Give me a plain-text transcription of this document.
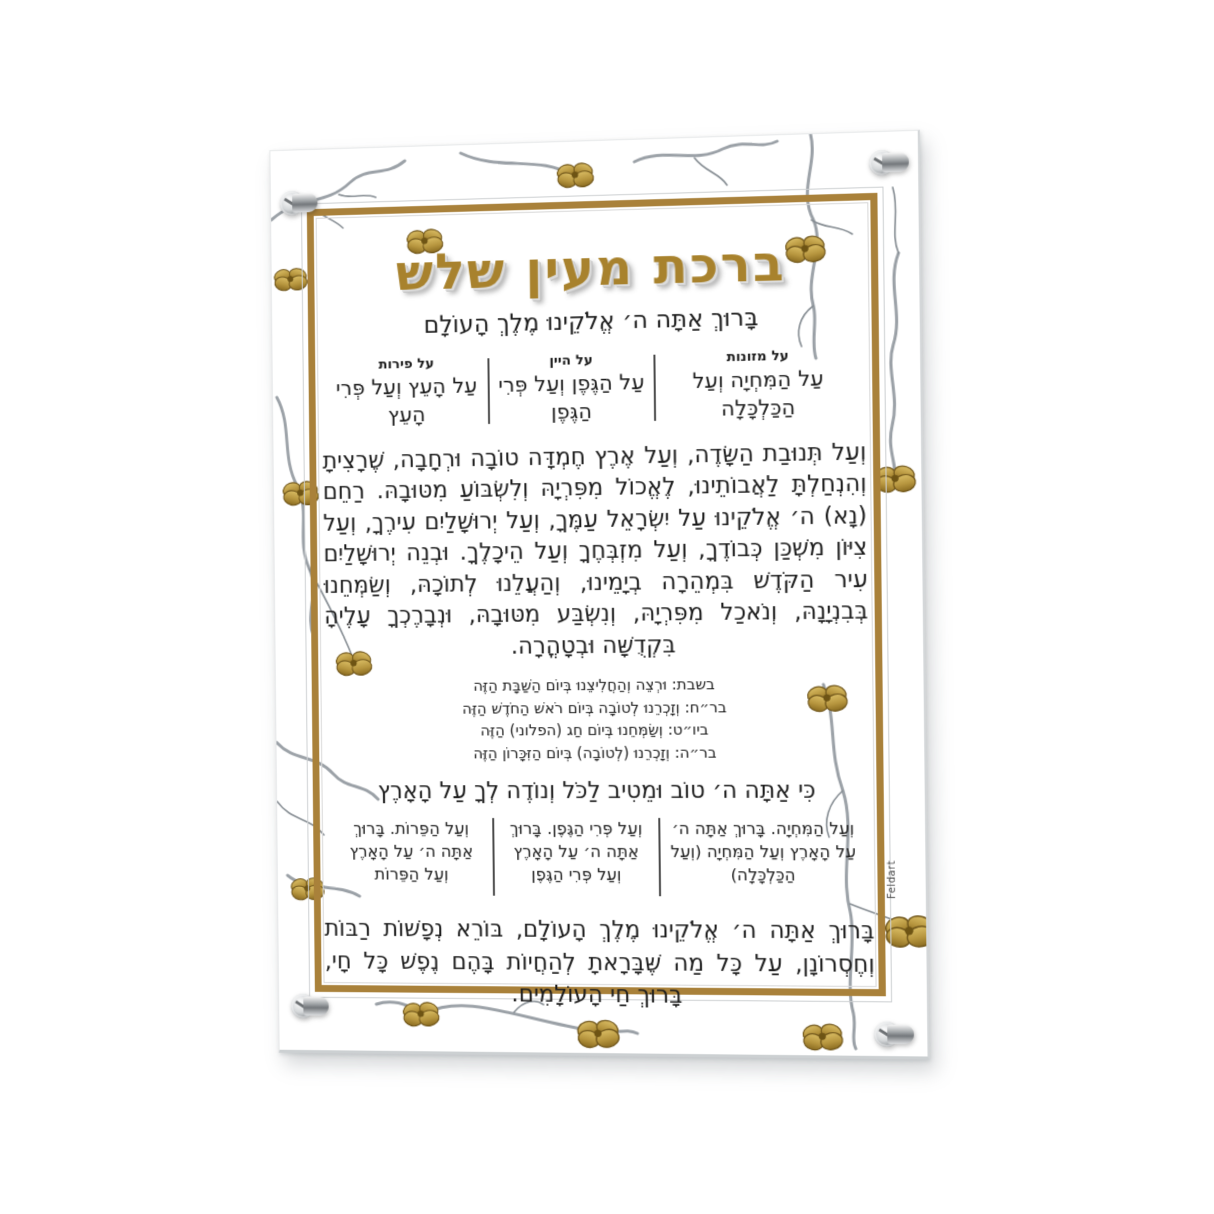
ברכת מעין שלש
בָּרוּךְ אַתָּה ה׳ אֱלֹקֵינוּ מֶלֶךְ הָעוֹלָם
על מזונות
עַל הַמִּחְיָה וְעַל הַכַּלְכָּלָה
על היין
עַל הַגֶּפֶן וְעַל פְּרִי הַגֶּפֶן
על פירות
עַל הָעֵץ וְעַל פְּרִי הָעֵץ
וְעַל תְּנוּבַת הַשָּׂדֶה, וְעַל אֶרֶץ חֶמְדָּה טוֹבָה וּרְחָבָה, שֶׁרָצִיתָ וְהִנְחַלְתָּ לַאֲבוֹתֵינוּ, לֶאֱכוֹל מִפִּרְיָהּ וְלִשְׂבּוֹעַ מִטּוּבָהּ. רַחֵם (נָא) ה׳ אֱלֹקֵינוּ עַל יִשְׂרָאֵל עַמֶּךָ, וְעַל יְרוּשָׁלַיִם עִירֶךָ, וְעַל צִיּוֹן מִשְׁכַּן כְּבוֹדֶךָ, וְעַל מִזְבְּחֶךָ וְעַל הֵיכָלֶךָ. וּבְנֵה יְרוּשָׁלַיִם עִיר הַקֹּדֶשׁ בִּמְהֵרָה בְיָמֵינוּ, וְהַעֲלֵנוּ לְתוֹכָהּ, וְשַׂמְּחֵנוּ בְּבִנְיָנָהּ, וְנֹאכַל מִפִּרְיָהּ, וְנִשְׂבַּע מִטּוּבָהּ, וּנְבָרֶכְךָ עָלֶיהָ בִּקְדֻשָּׁה וּבְטָהֳרָה.
בשבת: וּרְצֵה וְהַחֲלִיצֵנוּ בְּיוֹם הַשַּׁבָּת הַזֶּה
בר״ח: וְזָכְרֵנוּ לְטוֹבָה בְּיוֹם רֹאשׁ הַחֹדֶשׁ הַזֶּה
ביו״ט: וְשַׂמְּחֵנוּ בְּיוֹם חַג (הפלוני) הַזֶּה
בר״ה: וְזָכְרֵנוּ (לְטוֹבָה) בְּיוֹם הַזִּכָּרוֹן הַזֶּה
כִּי אַתָּה ה׳ טוֹב וּמֵטִיב לַכֹּל וְנוֹדֶה לְךָ עַל הָאָרֶץ
וְעַל הַמִּחְיָה. בָּרוּךְ אַתָּה ה׳ עַל הָאָרֶץ וְעַל הַמִּחְיָה (וְעַל הַכַּלְכָּלָה)
וְעַל פְּרִי הַגֶּפֶן. בָּרוּךְ אַתָּה ה׳ עַל הָאָרֶץ וְעַל פְּרִי הַגֶּפֶן
וְעַל הַפֵּרוֹת. בָּרוּךְ אַתָּה ה׳ עַל הָאָרֶץ וְעַל הַפֵּרוֹת
בָּרוּךְ אַתָּה ה׳ אֱלֹקֵינוּ מֶלֶךְ הָעוֹלָם, בּוֹרֵא נְפָשׁוֹת רַבּוֹת וְחֶסְרוֹנָן, עַל כָּל מַה שֶּׁבָּרָאתָ לְהַחֲיוֹת בָּהֶם נֶפֶשׁ כָּל חָי, בָּרוּךְ חַי הָעוֹלָמִים.
Feldart
